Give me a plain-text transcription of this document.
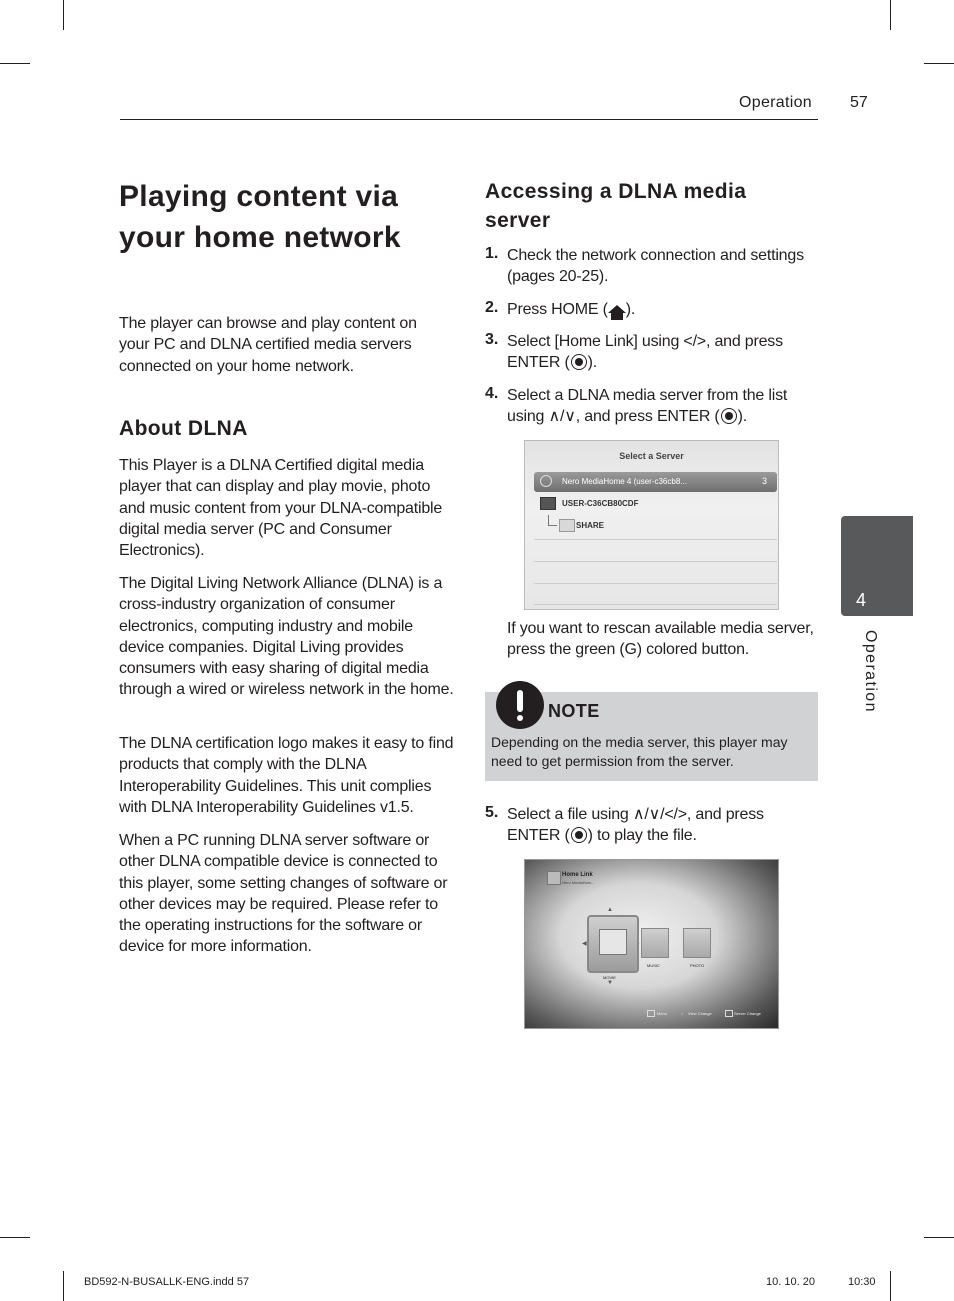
Operation 57
Playing content via your home network
The player can browse and play content on your PC and DLNA certified media servers connected on your home network.
About DLNA
This Player is a DLNA Certified digital media player that can display and play movie, photo and music content from your DLNA-compatible digital media server (PC and Consumer Electronics).
The Digital Living Network Alliance (DLNA) is a cross-industry organization of consumer electronics, computing industry and mobile device companies. Digital Living provides consumers with easy sharing of digital media through a wired or wireless network in the home.
The DLNA certification logo makes it easy to find products that comply with the DLNA Interoperability Guidelines. This unit complies with DLNA Interoperability Guidelines v1.5.
When a PC running DLNA server software or other DLNA compatible device is connected to this player, some setting changes of software or other devices may be required. Please refer to the operating instructions for the software or device for more information.
Accessing a DLNA media server
1. Check the network connection and settings (pages 20-25).
2. Press HOME ( ).
3. Select [Home Link] using </>, and press ENTER ( ).
4. Select a DLNA media server from the list using ∧/∨, and press ENTER ( ).
Select a Server
Nero MediaHome 4 (user-c36cb8...	3
USER-C36CB80CDF
SHARE
If you want to rescan available media server, press the green (G) colored button.
NOTE
Depending on the media server, this player may need to get permission from the server.
5. Select a file using ∧/∨/</>, and press ENTER ( ) to play the file.
Home Link
Nero MediaHom...
▲
◀
MOVIE
MUSIC	PHOTO
▼
Menu	↕ View Change	Server Change
4
Operation
BD592-N-BUSALLK-ENG.indd 57	10. 10. 20	10:30
